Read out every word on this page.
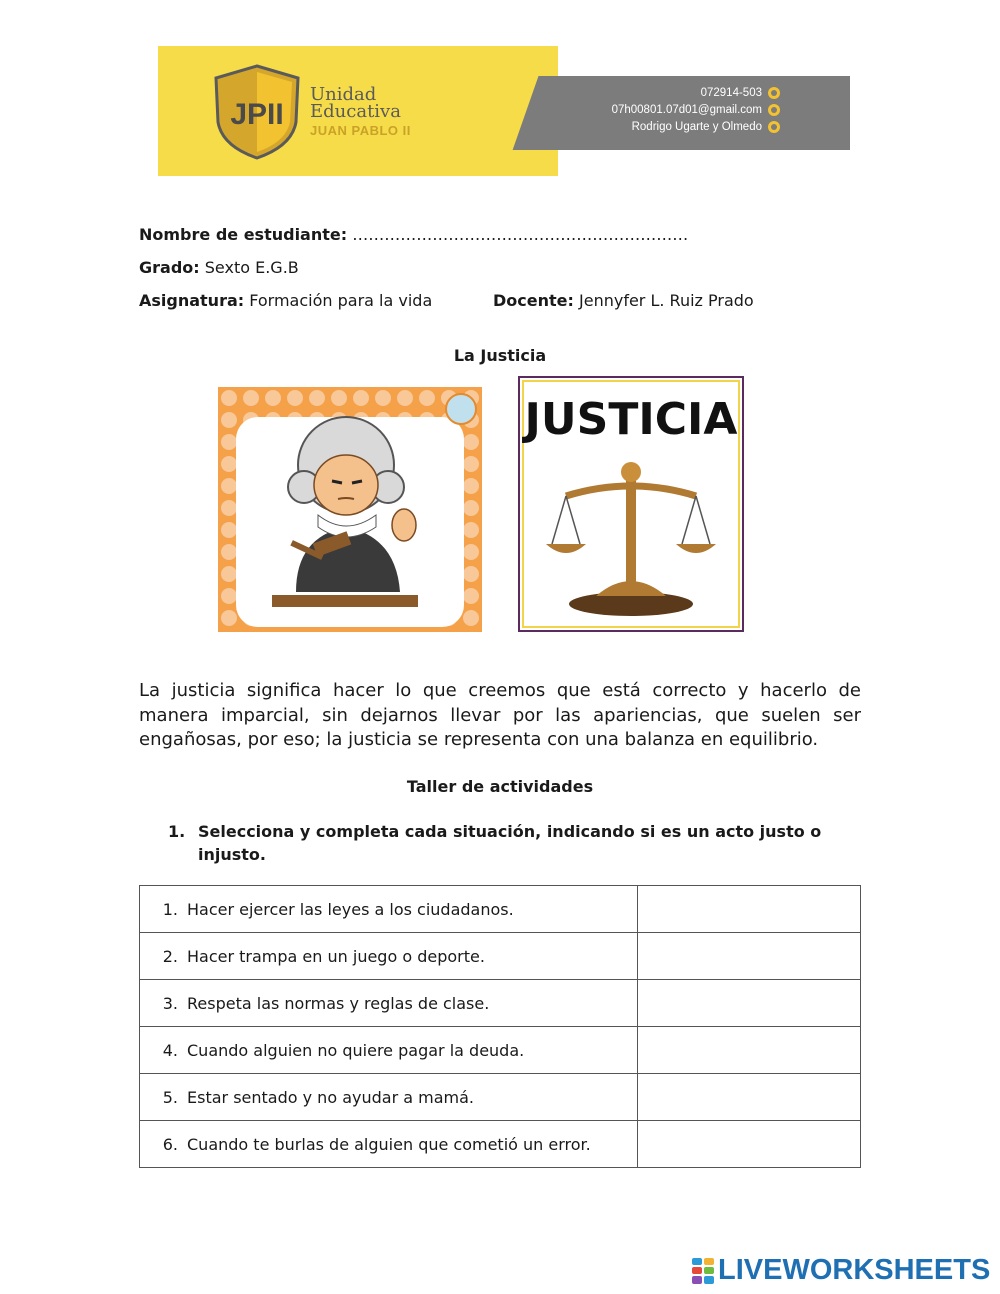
JPII
Unidad
Educativa
JUAN PABLO II
072914-503
07h00801.07d01@gmail.com
Rodrigo Ugarte y Olmedo
Nombre de estudiante: ………………………………………………………
Grado: Sexto E.G.B
Asignatura: Formación para la vida	Docente: Jennyfer L. Ruiz Prado
La Justicia
JUSTICIA
La justicia significa hacer lo que creemos que está correcto y hacerlo de manera imparcial, sin dejarnos llevar por las apariencias, que suelen ser engañosas, por eso; la justicia se representa con una balanza en equilibrio.
Taller de actividades
1. Selecciona y completa cada situación, indicando si es un acto justo o injusto.
1. Hacer ejercer las leyes a los ciudadanos.	
2. Hacer trampa en un juego o deporte.	
3. Respeta las normas y reglas de clase.	
4. Cuando alguien no quiere pagar la deuda.	
5. Estar sentado y no ayudar a mamá.	
6. Cuando te burlas de alguien que cometió un error.	
LIVEWORKSHEETS
